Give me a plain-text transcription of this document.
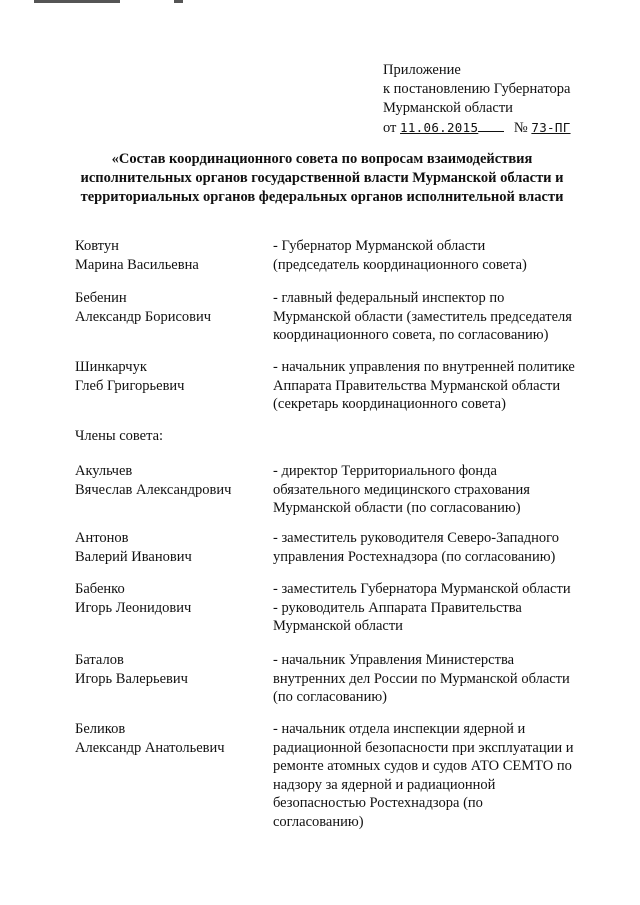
Приложение
к постановлению Губернатора
Мурманской области
от 11.06.2015 № 73-ПГ
«Состав координационного совета по вопросам взаимодействия
исполнительных органов государственной власти Мурманской области и
территориальных органов федеральных органов исполнительной власти
Ковтун
Марина Васильевна
- Губернатор Мурманской области
(председатель координационного совета)
Бебенин
Александр Борисович
- главный федеральный инспектор по
Мурманской области (заместитель председателя
координационного совета, по согласованию)
Шинкарчук
Глеб Григорьевич
- начальник управления по внутренней политике
Аппарата Правительства Мурманской области
(секретарь координационного совета)
Члены совета:
Акульчев
Вячеслав Александрович
- директор Территориального фонда
обязательного медицинского страхования
Мурманской области (по согласованию)
Антонов
Валерий Иванович
- заместитель руководителя Северо-Западного
управления Ростехнадзора (по согласованию)
Бабенко
Игорь Леонидович
- заместитель Губернатора Мурманской области
- руководитель Аппарата Правительства
Мурманской области
Баталов
Игорь Валерьевич
- начальник Управления Министерства
внутренних дел России по Мурманской области
(по согласованию)
Беликов
Александр Анатольевич
- начальник отдела инспекции ядерной и
радиационной безопасности при эксплуатации и
ремонте атомных судов и судов АТО СЕМТО по
надзору за ядерной и радиационной
безопасностью Ростехнадзора (по
согласованию)
